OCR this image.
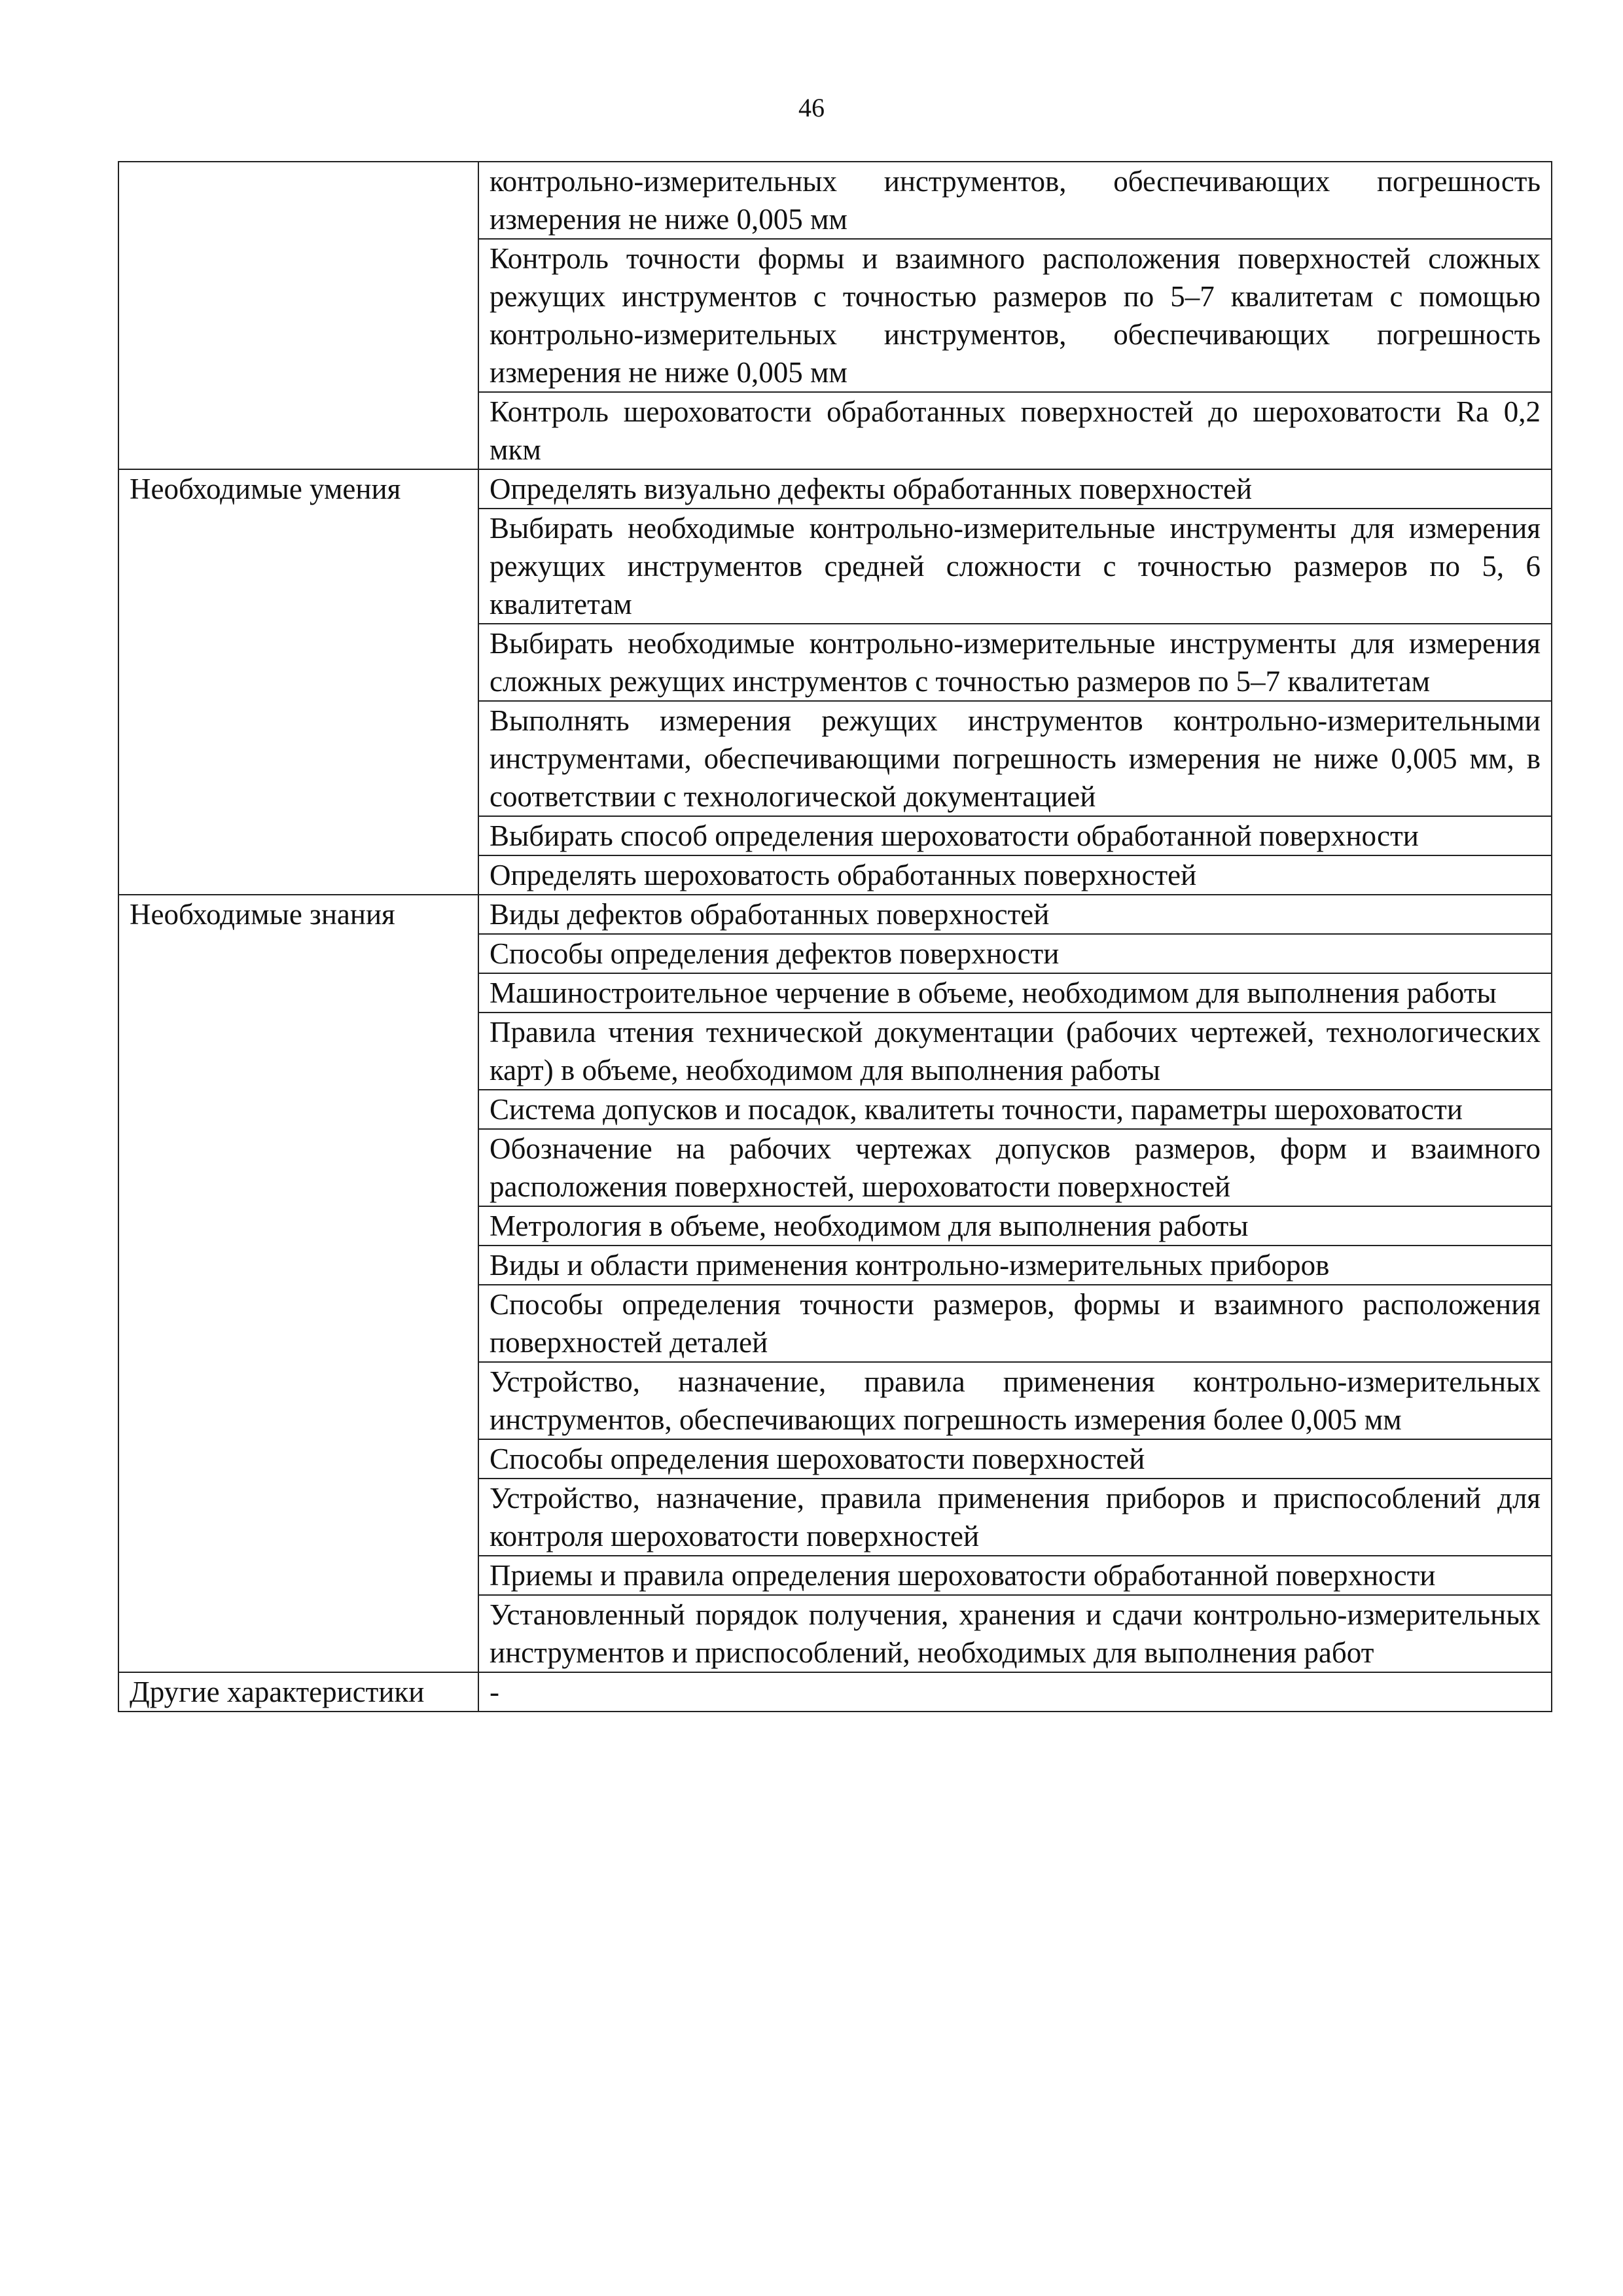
46
	контрольно-измерительных инструментов, обеспечивающих погрешность измерения не ниже 0,005 мм
	Контроль точности формы и взаимного расположения поверхностей сложных режущих инструментов с точностью размеров по 5–7 квалитетам с помощью контрольно-измерительных инструментов, обеспечивающих погрешность измерения не ниже 0,005 мм
	Контроль шероховатости обработанных поверхностей до шероховатости Ra 0,2 мкм
Необходимые умения	Определять визуально дефекты обработанных поверхностей
	Выбирать необходимые контрольно-измерительные инструменты для измерения режущих инструментов средней сложности с точностью размеров по 5, 6 квалитетам
	Выбирать необходимые контрольно-измерительные инструменты для измерения сложных режущих инструментов с точностью размеров по 5–7 квалитетам
	Выполнять измерения режущих инструментов контрольно-измерительными инструментами, обеспечивающими погрешность измерения не ниже 0,005 мм, в соответствии с технологической документацией
	Выбирать способ определения шероховатости обработанной поверхности
	Определять шероховатость обработанных поверхностей
Необходимые знания	Виды дефектов обработанных поверхностей
	Способы определения дефектов поверхности
	Машиностроительное черчение в объеме, необходимом для выполнения работы
	Правила чтения технической документации (рабочих чертежей, технологических карт) в объеме, необходимом для выполнения работы
	Система допусков и посадок, квалитеты точности, параметры шероховатости
	Обозначение на рабочих чертежах допусков размеров, форм и взаимного расположения поверхностей, шероховатости поверхностей
	Метрология в объеме, необходимом для выполнения работы
	Виды и области применения контрольно-измерительных приборов
	Способы определения точности размеров, формы и взаимного расположения поверхностей деталей
	Устройство, назначение, правила применения контрольно-измерительных инструментов, обеспечивающих погрешность измерения более 0,005 мм
	Способы определения шероховатости поверхностей
	Устройство, назначение, правила применения приборов и приспособлений для контроля шероховатости поверхностей
	Приемы и правила определения шероховатости обработанной поверхности
	Установленный порядок получения, хранения и сдачи контрольно-измерительных инструментов и приспособлений, необходимых для выполнения работ
Другие характеристики	-
